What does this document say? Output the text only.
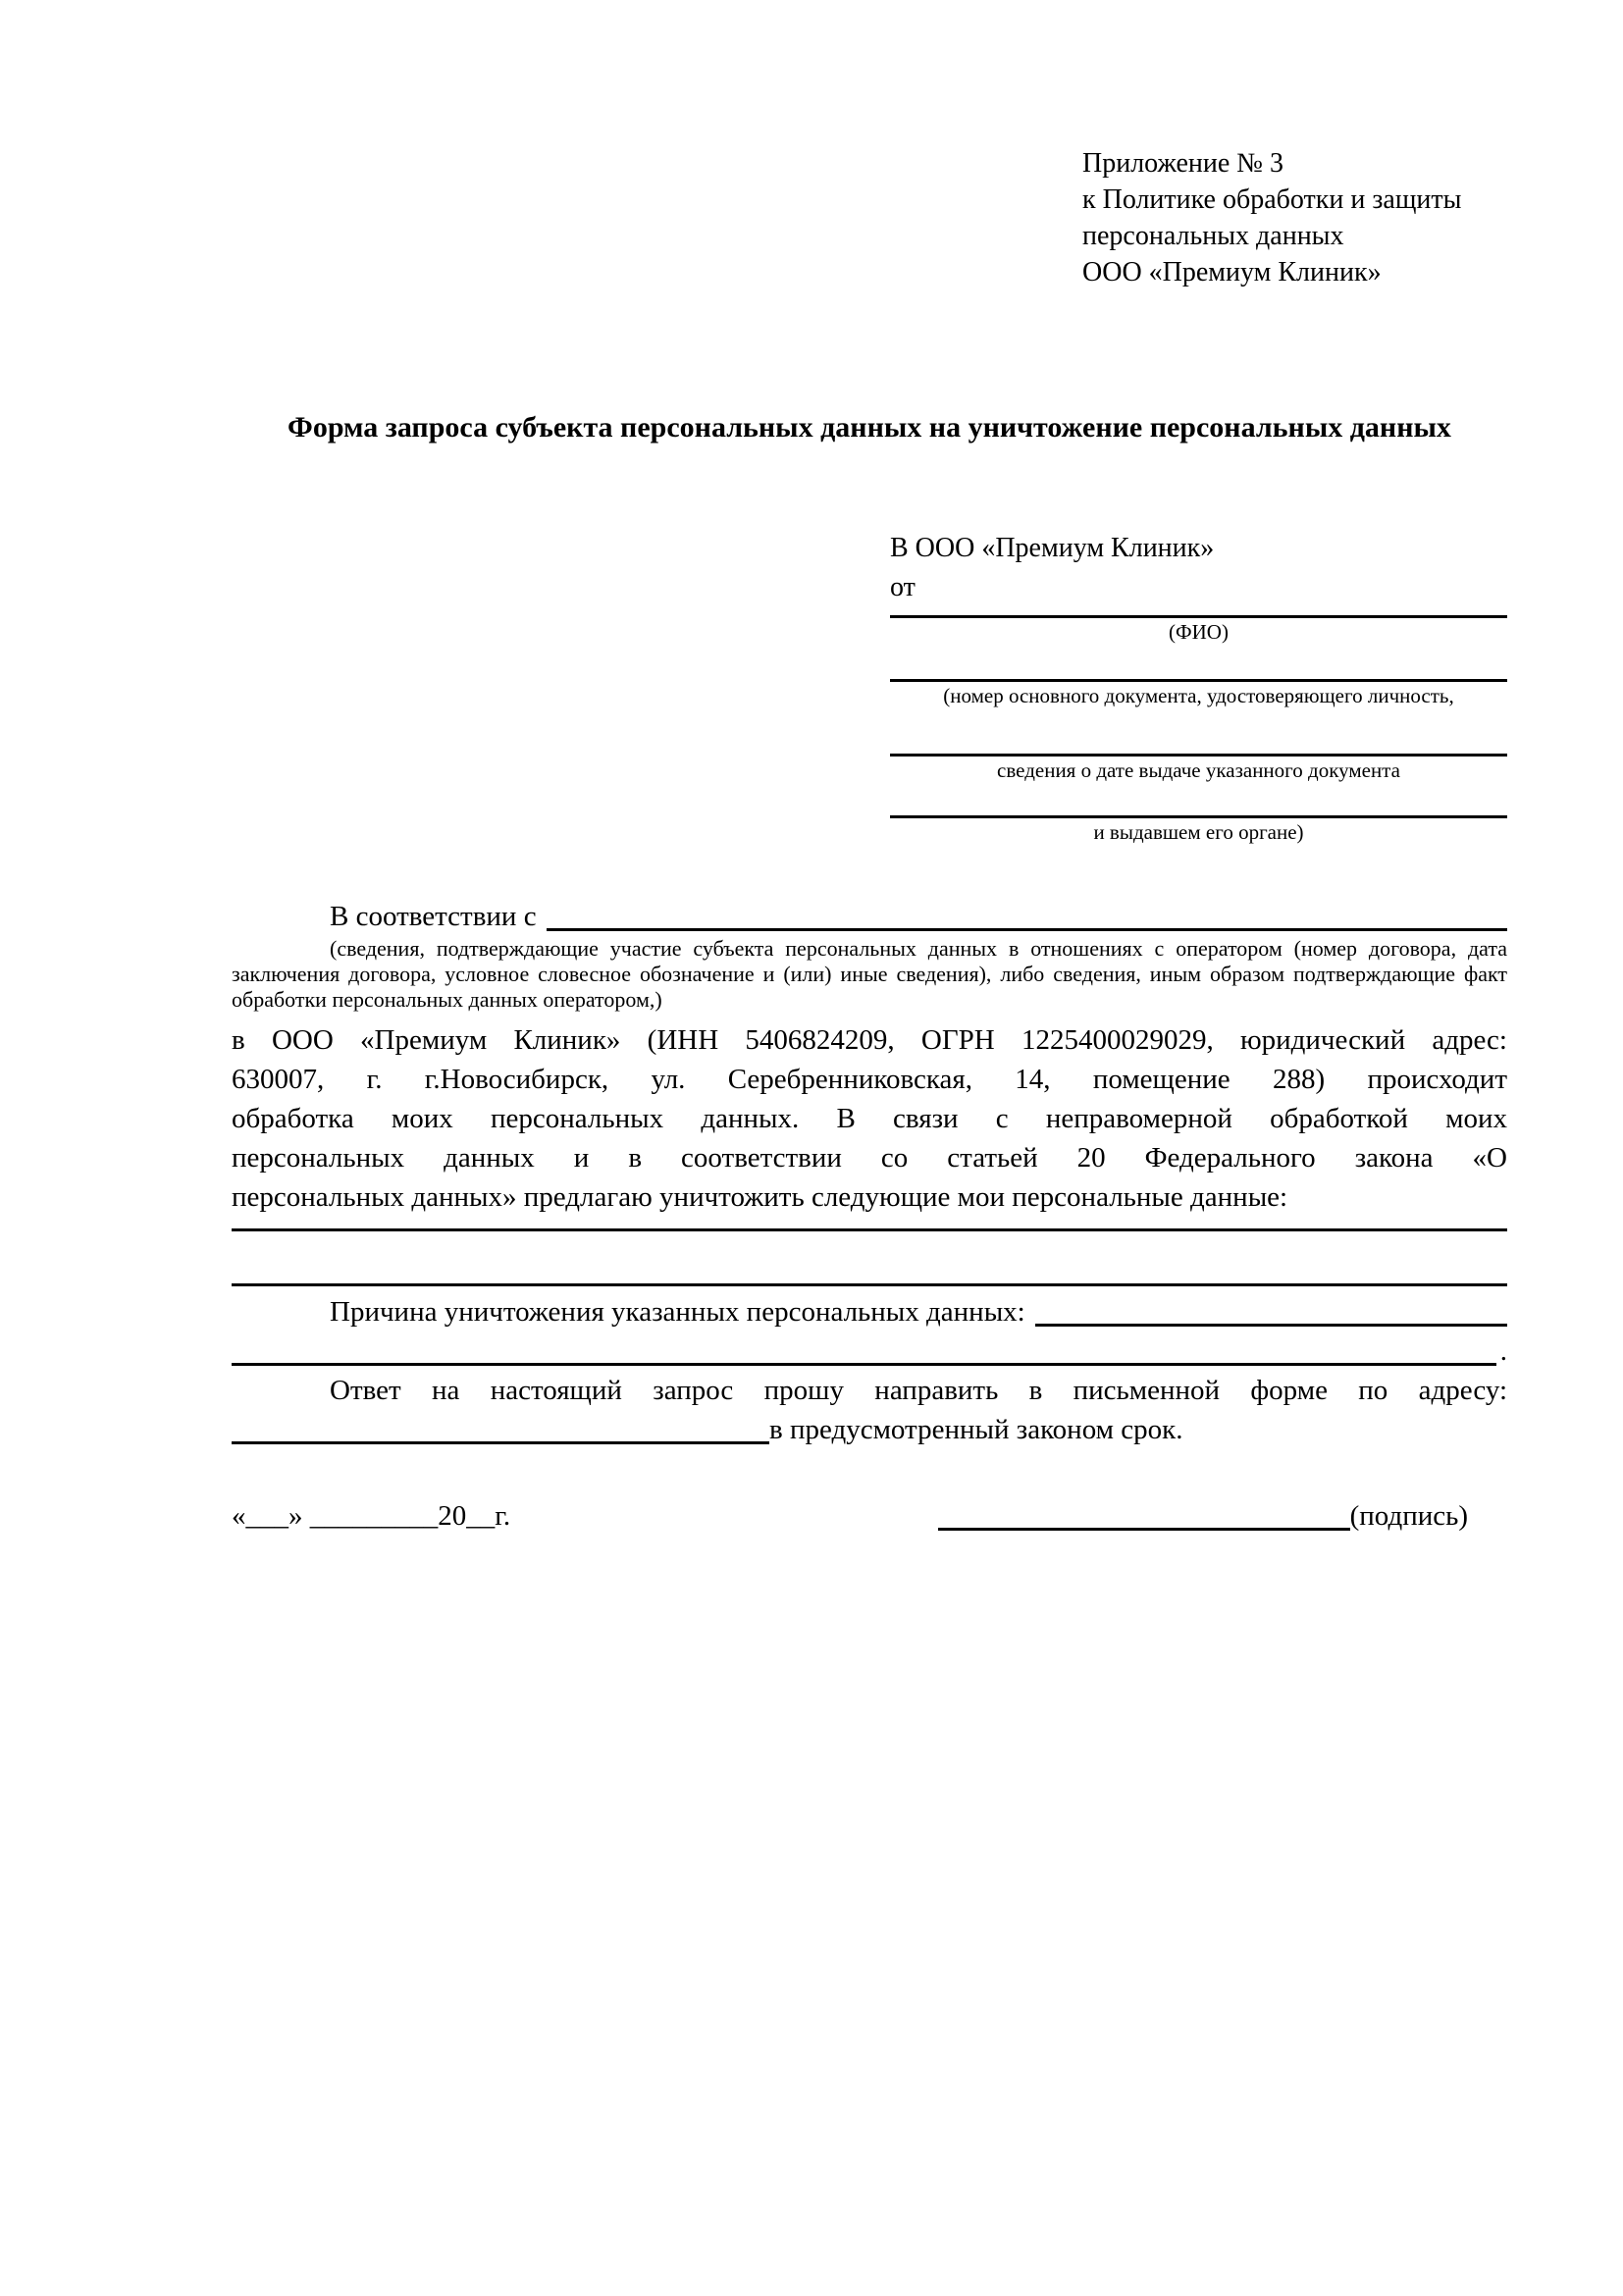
Приложение № 3
к Политике обработки и защиты
персональных данных
ООО «Премиум Клиник»
Форма запроса субъекта персональных данных на уничтожение персональных данных
В ООО «Премиум Клиник»
от
(ФИО)
(номер основного документа, удостоверяющего личность,
сведения о дате выдаче указанного документа
и выдавшем его органе)
В соответствии с
(сведения, подтверждающие участие субъекта персональных данных в отношениях с оператором (номер договора, дата
заключения договора, условное словесное обозначение и (или) иные сведения), либо сведения, иным образом подтверждающие факт
обработки персональных данных оператором,)
в ООО «Премиум Клиник» (ИНН 5406824209, ОГРН 1225400029029, юридический адрес:
630007, г. г.Новосибирск, ул. Серебренниковская, 14, помещение 288) происходит
обработка моих персональных данных. В связи с неправомерной обработкой моих
персональных данных и в соответствии со статьей 20 Федерального закона «О
персональных данных» предлагаю уничтожить следующие мои персональные данные:
Причина уничтожения указанных персональных данных:
.
Ответ на настоящий запрос прошу направить в письменной форме по адресу:
в предусмотренный законом срок.
«___» _________20__г.	(подпись)
